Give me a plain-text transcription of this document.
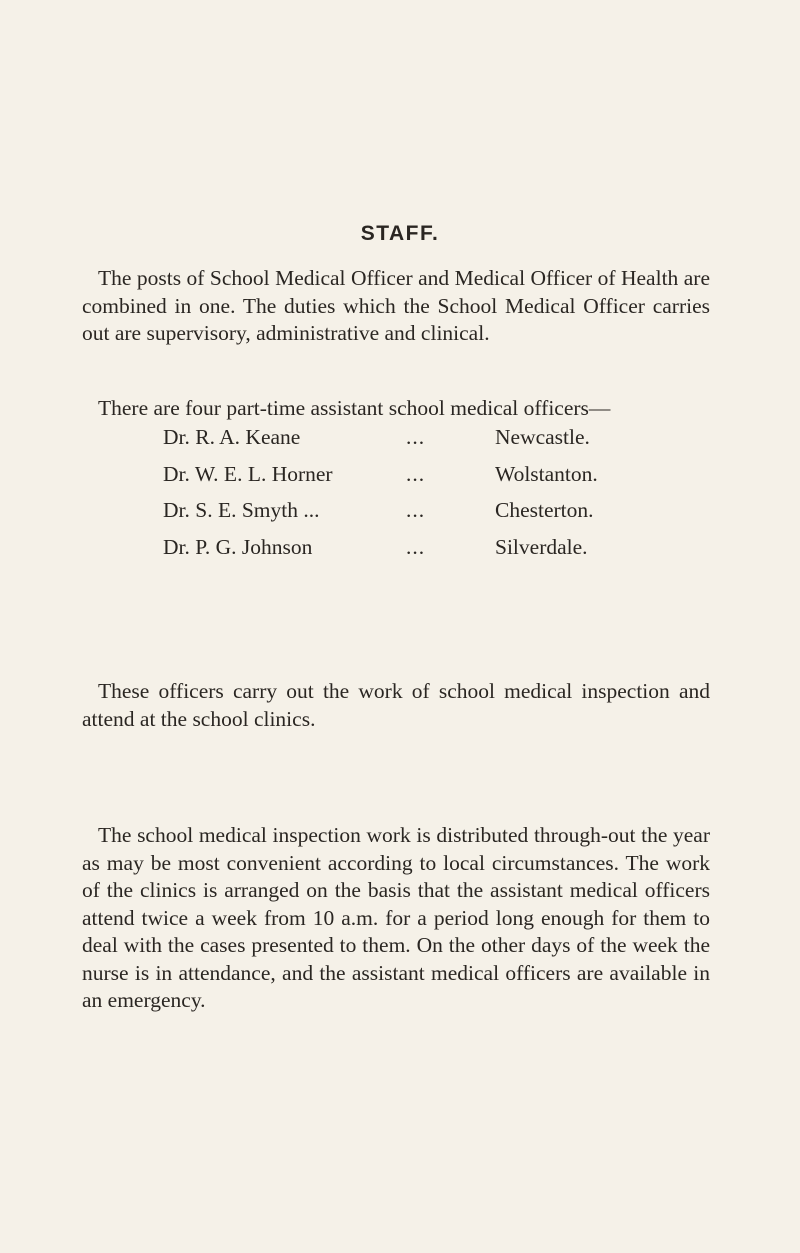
STAFF.

The posts of School Medical Officer and Medical Officer of Health are combined in one. The duties which the School Medical Officer carries out are supervisory, administrative and clinical.

There are four part-time assistant school medical officers—

Dr. R. A. Keane	...	Newcastle.
Dr. W. E. L. Horner	...	Wolstanton.
Dr. S. E. Smyth ...	...	Chesterton.
Dr. P. G. Johnson	...	Silverdale.

These officers carry out the work of school medical inspection and attend at the school clinics.

The school medical inspection work is distributed through-out the year as may be most convenient according to local circumstances. The work of the clinics is arranged on the basis that the assistant medical officers attend twice a week from 10 a.m. for a period long enough for them to deal with the cases presented to them. On the other days of the week the nurse is in attendance, and the assistant medical officers are available in an emergency.
